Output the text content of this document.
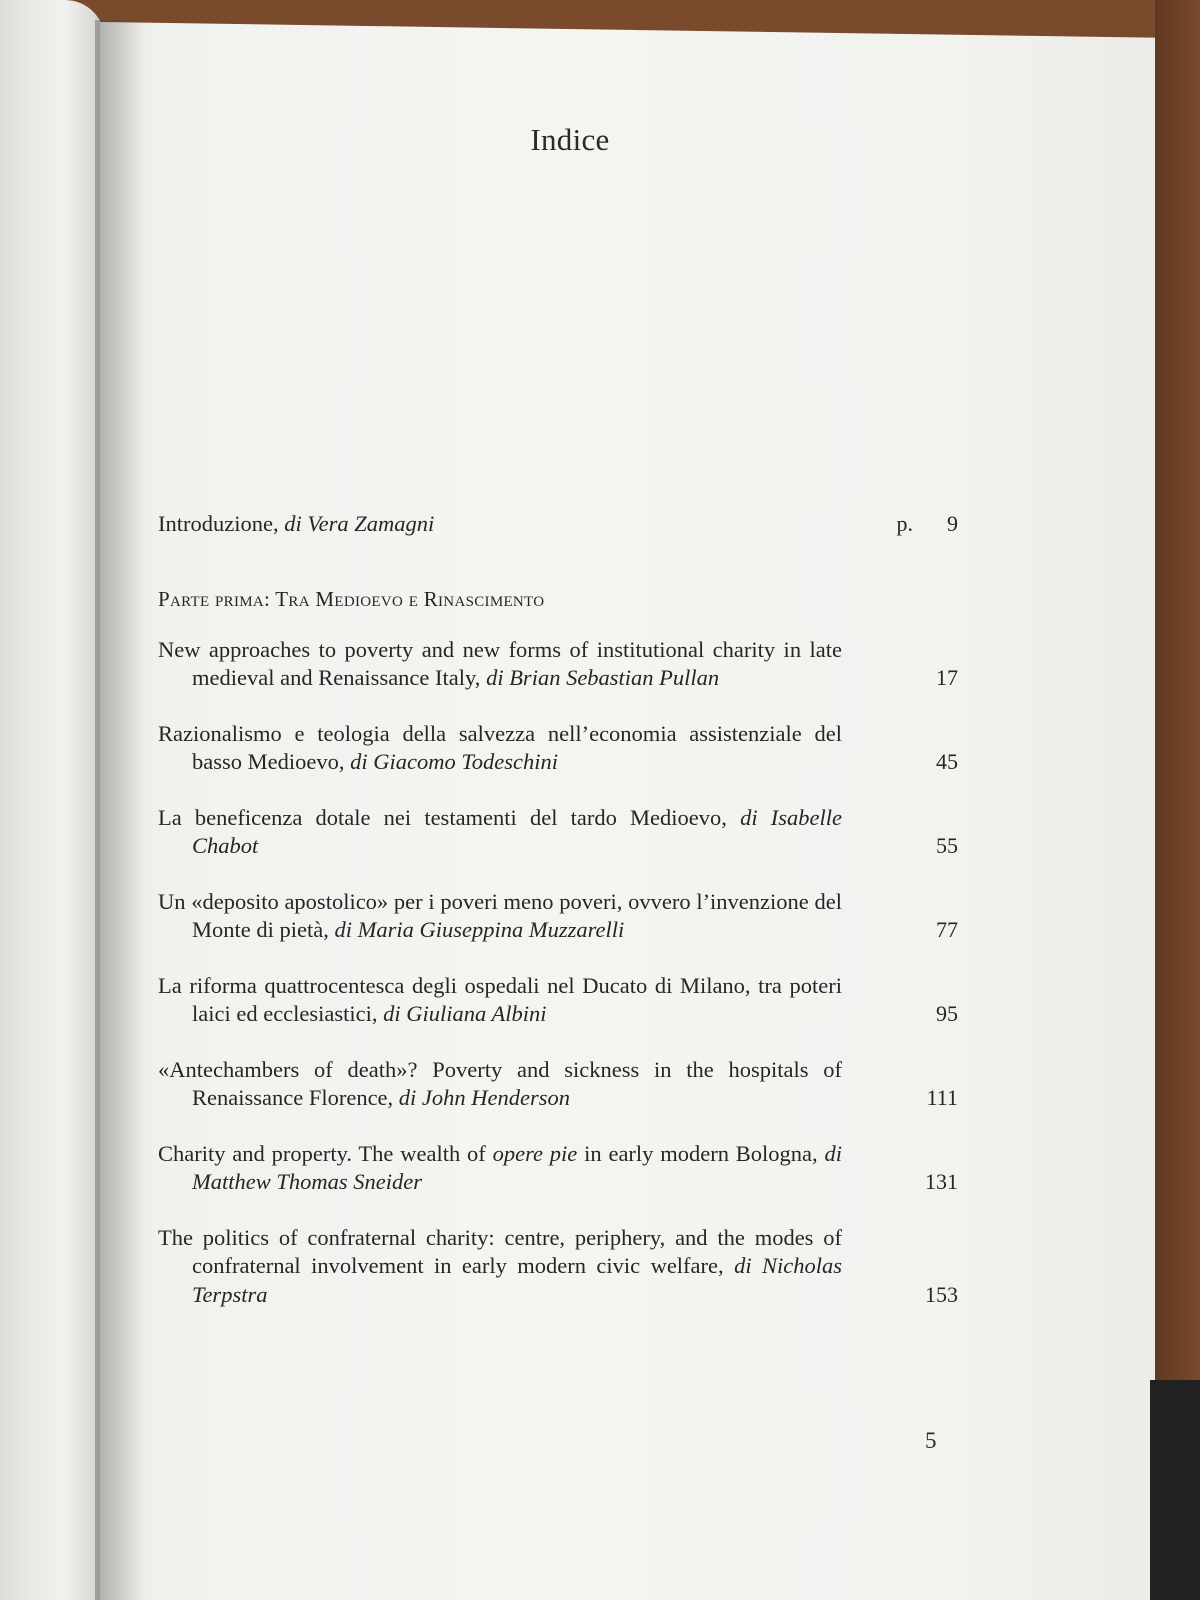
Indice
Introduzione, di Vera Zamagni	p. 9
Parte prima: Tra Medioevo e Rinascimento
New approaches to poverty and new forms of institutional charity in late medieval and Renaissance Italy, di Brian Sebastian Pullan	17
Razionalismo e teologia della salvezza nell’economia assistenziale del basso Medioevo, di Giacomo Todeschini	45
La beneficenza dotale nei testamenti del tardo Medioevo, di Isabelle Chabot	55
Un «deposito apostolico» per i poveri meno poveri, ovvero l’invenzione del Monte di pietà, di Maria Giuseppina Muzzarelli	77
La riforma quattrocentesca degli ospedali nel Ducato di Milano, tra poteri laici ed ecclesiastici, di Giuliana Albini	95
«Antechambers of death»? Poverty and sickness in the hospitals of Renaissance Florence, di John Henderson	111
Charity and property. The wealth of opere pie in early modern Bologna, di Matthew Thomas Sneider	131
The politics of confraternal charity: centre, periphery, and the modes of confraternal involvement in early modern civic welfare, di Nicholas Terpstra	153
5
